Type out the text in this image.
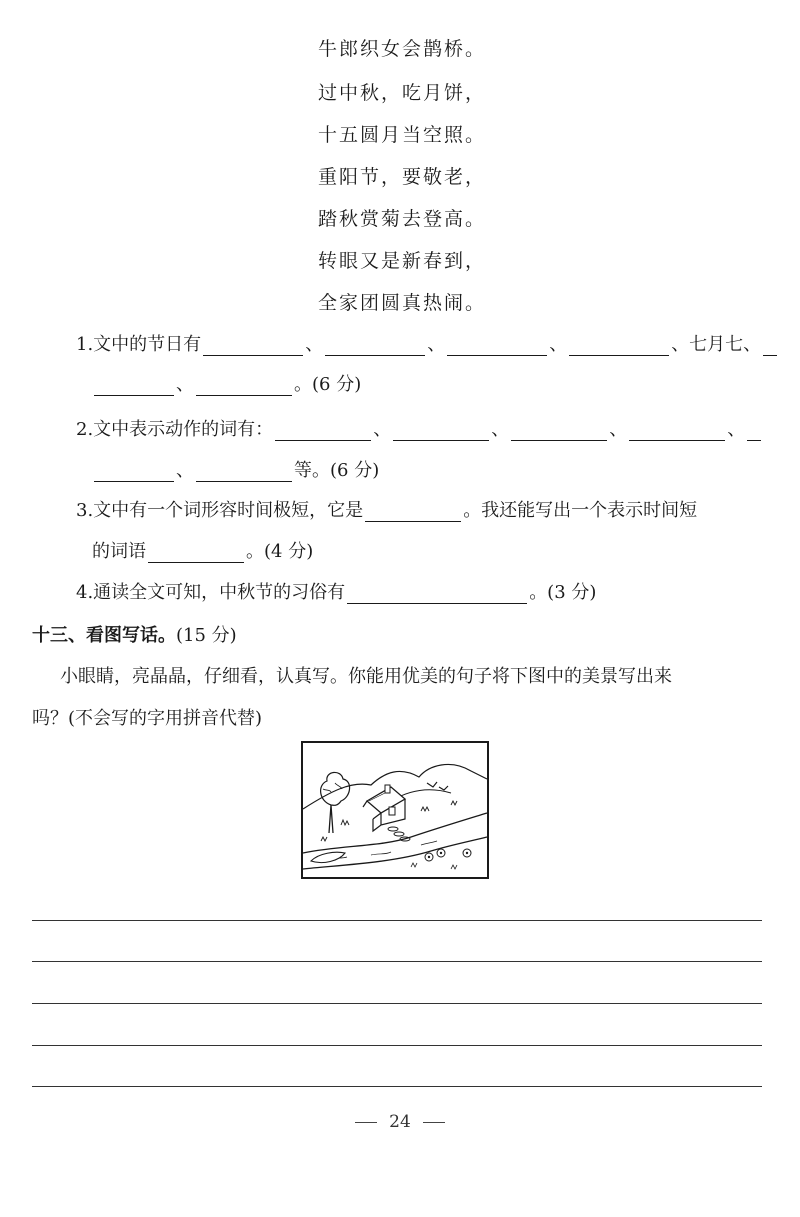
牛郎织女会鹊桥。
过中秋，吃月饼，
十五圆月当空照。
重阳节，要敬老，
踏秋赏菊去登高。
转眼又是新春到，
全家团圆真热闹。
1.文中的节日有	、	、	、	、七月七、
、	。(6 分)
2.文中表示动作的词有：	、	、	、	、
、	等。(6 分)
3.文中有一个词形容时间极短，它是	。我还能写出一个表示时间短
的词语	。(4 分)
4.通读全文可知，中秋节的习俗有	。(3 分)
十三、看图写话。(15 分)
小眼睛，亮晶晶，仔细看，认真写。你能用优美的句子将下图中的美景写出来
吗？(不会写的字用拼音代替)
24
